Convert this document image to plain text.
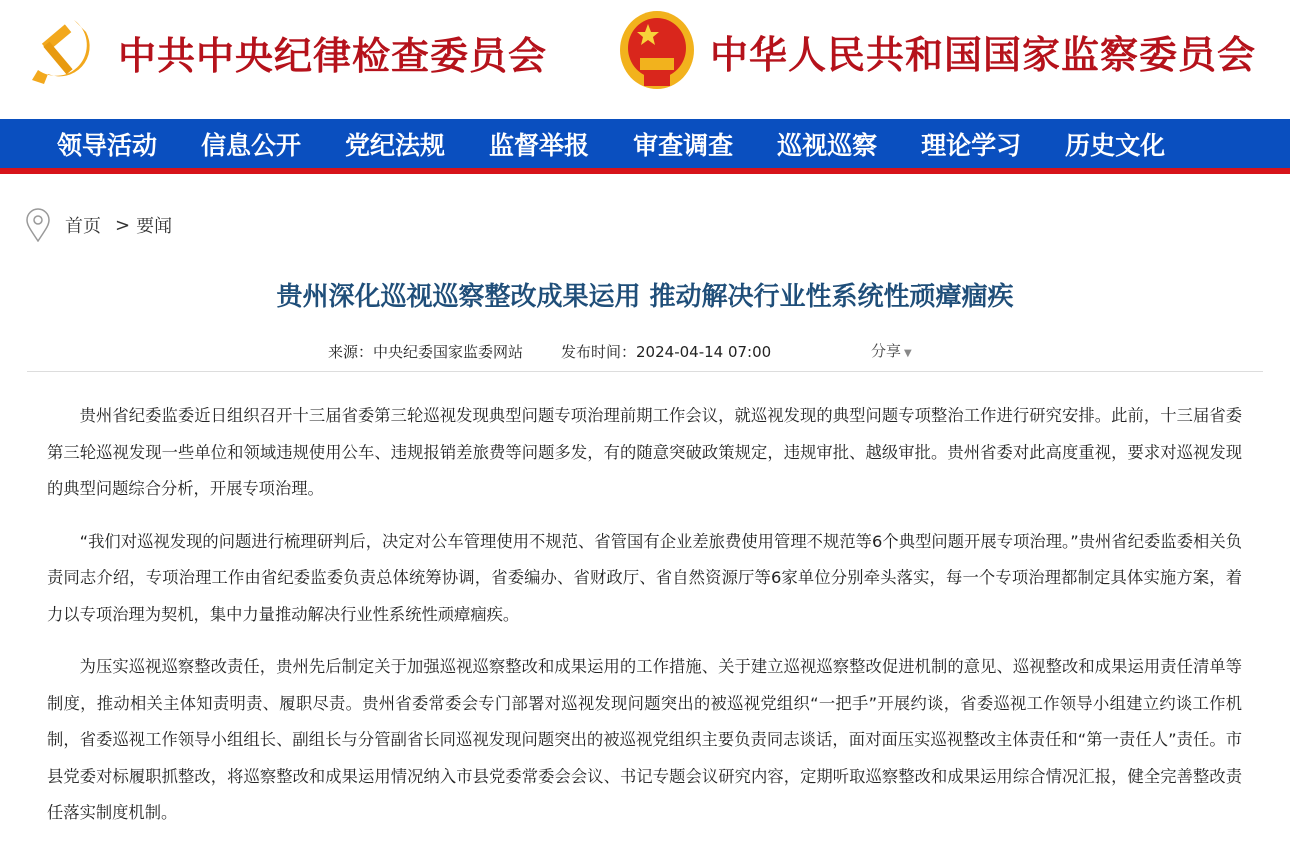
中共中央纪律检查委员会	中华人民共和国国家监察委员会
领导活动 信息公开 党纪法规 监督举报 审查调查 巡视巡察 理论学习 历史文化
首页 > 要闻
贵州深化巡视巡察整改成果运用 推动解决行业性系统性顽瘴痼疾
来源：中央纪委国家监委网站	发布时间：2024-04-14 07:00	分享 ▼

贵州省纪委监委近日组织召开十三届省委第三轮巡视发现典型问题专项治理前期工作会议，就巡视发现的典型问题专项整治工作进行研究安排。此前，十三届省委第三轮巡视发现一些单位和领域违规使用公车、违规报销差旅费等问题多发，有的随意突破政策规定，违规审批、越级审批。贵州省委对此高度重视，要求对巡视发现的典型问题综合分析，开展专项治理。

“我们对巡视发现的问题进行梳理研判后，决定对公车管理使用不规范、省管国有企业差旅费使用管理不规范等6个典型问题开展专项治理。”贵州省纪委监委相关负责同志介绍，专项治理工作由省纪委监委负责总体统筹协调，省委编办、省财政厅、省自然资源厅等6家单位分别牵头落实，每一个专项治理都制定具体实施方案，着力以专项治理为契机，集中力量推动解决行业性系统性顽瘴痼疾。

为压实巡视巡察整改责任，贵州先后制定关于加强巡视巡察整改和成果运用的工作措施、关于建立巡视巡察整改促进机制的意见、巡视整改和成果运用责任清单等制度，推动相关主体知责明责、履职尽责。贵州省委常委会专门部署对巡视发现问题突出的被巡视党组织“一把手”开展约谈，省委巡视工作领导小组建立约谈工作机制，省委巡视工作领导小组组长、副组长与分管副省长同巡视发现问题突出的被巡视党组织主要负责同志谈话，面对面压实巡视整改主体责任和“第一责任人”责任。市县党委对标履职抓整改，将巡察整改和成果运用情况纳入市县党委常委会会议、书记专题会议研究内容，定期听取巡察整改和成果运用综合情况汇报，健全完善整改责任落实制度机制。
